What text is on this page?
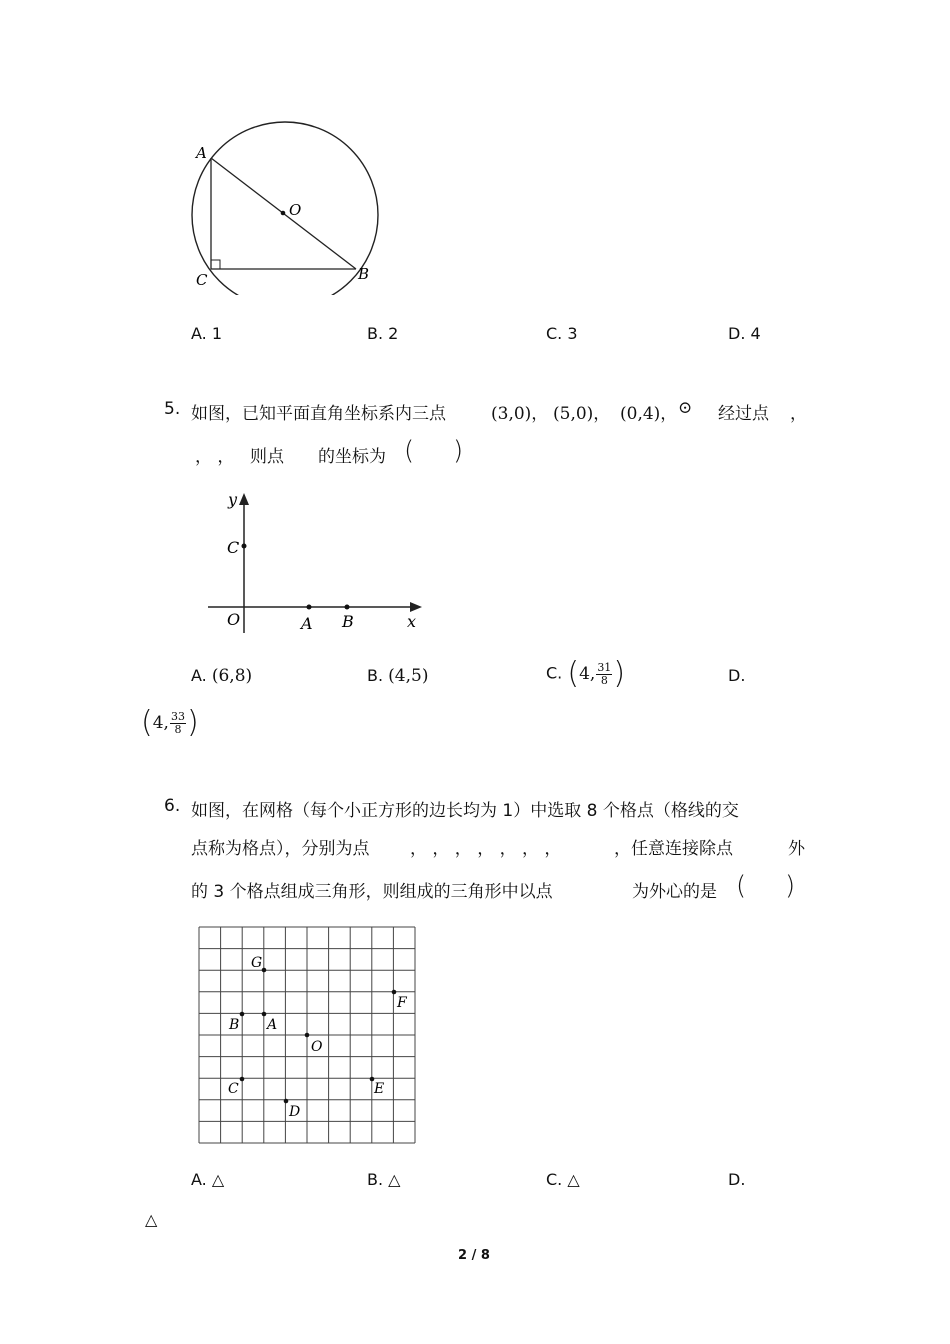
A
O
C	B
A. 1	B. 2	C. 3	D. 4
5. 如图，已知平面直角坐标系内三点	(3,0)， (5,0)， (0,4)， ⊙ 经过点 ，
， ， 则点 的坐标为 ( )
y
C
O	A B	x
A. (6,8)	B. (4,5)	C. (4, $\frac{31}{8}$ )	D.
(4, $\frac{33}{8}$ )
6. 如图，在网格（每个小正方形的边长均为 1）中选取 8 个格点（格线的交
点称为格点），分别为点 ， ， ， ， ， ， ，	，任意连接除点	外
的 3 个格点组成三角形，则组成的三角形中以点	为外心的是 ( )
G
F
B A
O
C	E
D
A. △	B. △	C. △	D.
△
2 / 8
